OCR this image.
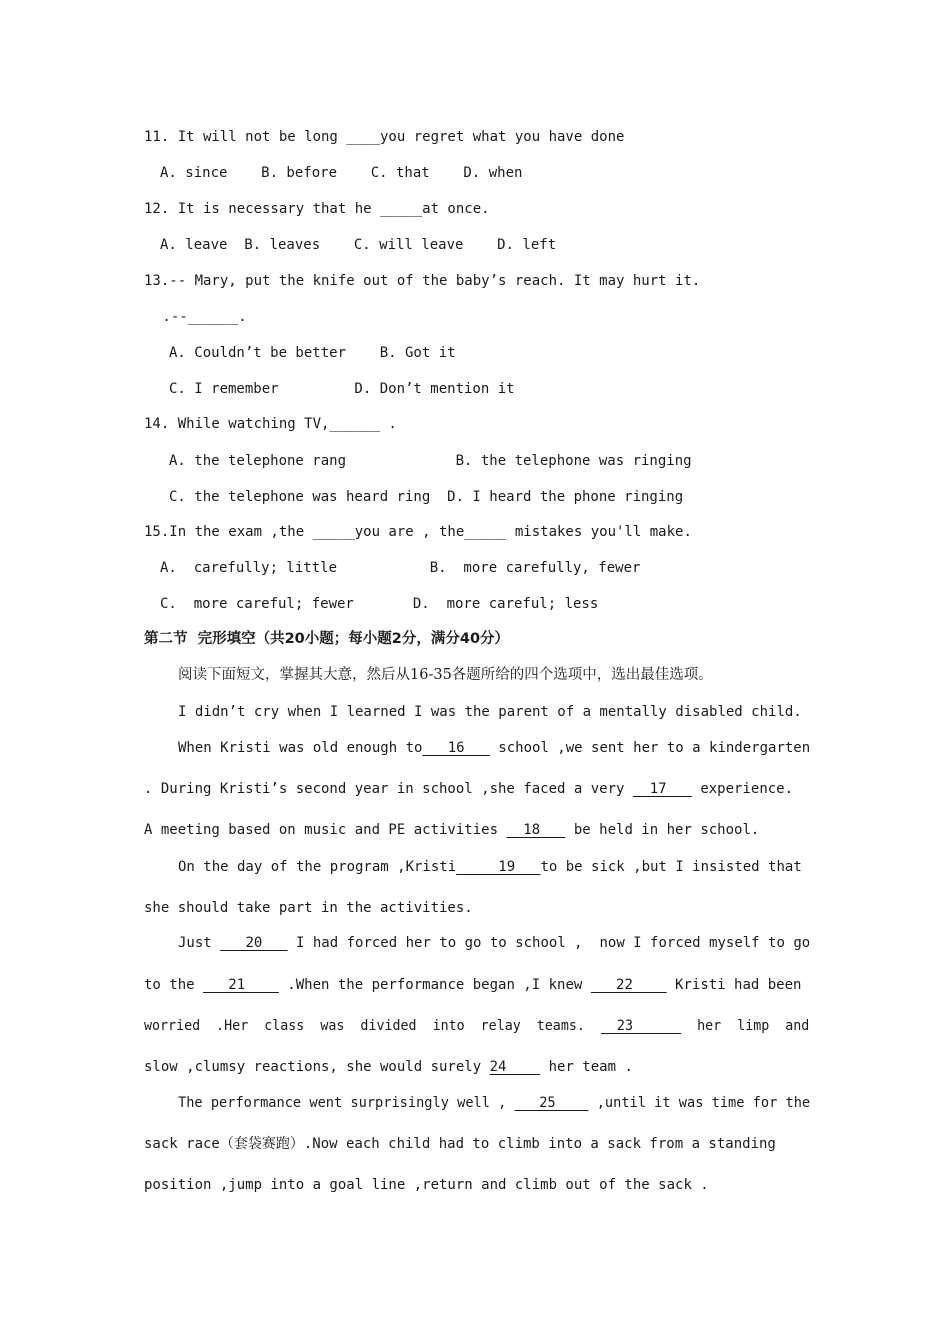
11. It will not be long ____you regret what you have done
A. since    B. before    C. that    D. when
12. It is necessary that he _____at once.
A. leave  B. leaves    C. will leave    D. left
13.-- Mary, put the knife out of the baby’s reach. It may hurt it.
.--______.
A. Couldn’t be better    B. Got it
C. I remember         D. Don’t mention it
14. While watching TV,______ .
A. the telephone rang             B. the telephone was ringing
C. the telephone was heard ring  D. I heard the phone ringing
15.In the exam ,the _____you are , the_____ mistakes you'll make.
A.  carefully; little           B.  more carefully, fewer
C.  more careful; fewer       D.  more careful; less
第二节  完形填空（共20小题；每小题2分，满分40分）
阅读下面短文，掌握其大意，然后从16-35各题所给的四个选项中，选出最佳选项。
I didn’t cry when I learned I was the parent of a mentally disabled child.
When Kristi was old enough to   16    school ,we sent her to a kindergarten
. During Kristi’s second year in school ,she faced a very   17    experience.
A meeting based on music and PE activities   18    be held in her school.
On the day of the program ,Kristi     19   to be sick ,but I insisted that
she should take part in the activities.
Just    20    I had forced her to go to school ,  now I forced myself to go
to the    21     .When the performance began ,I knew    22     Kristi had been
worried  .Her  class  was  divided  into  relay  teams.    23        her  limp  and
slow ,clumsy reactions, she would surely 24     her team .
The performance went surprisingly well ,    25     ,until it was time for the
sack race（套袋赛跑）.Now each child had to climb into a sack from a standing
position ,jump into a goal line ,return and climb out of the sack .
